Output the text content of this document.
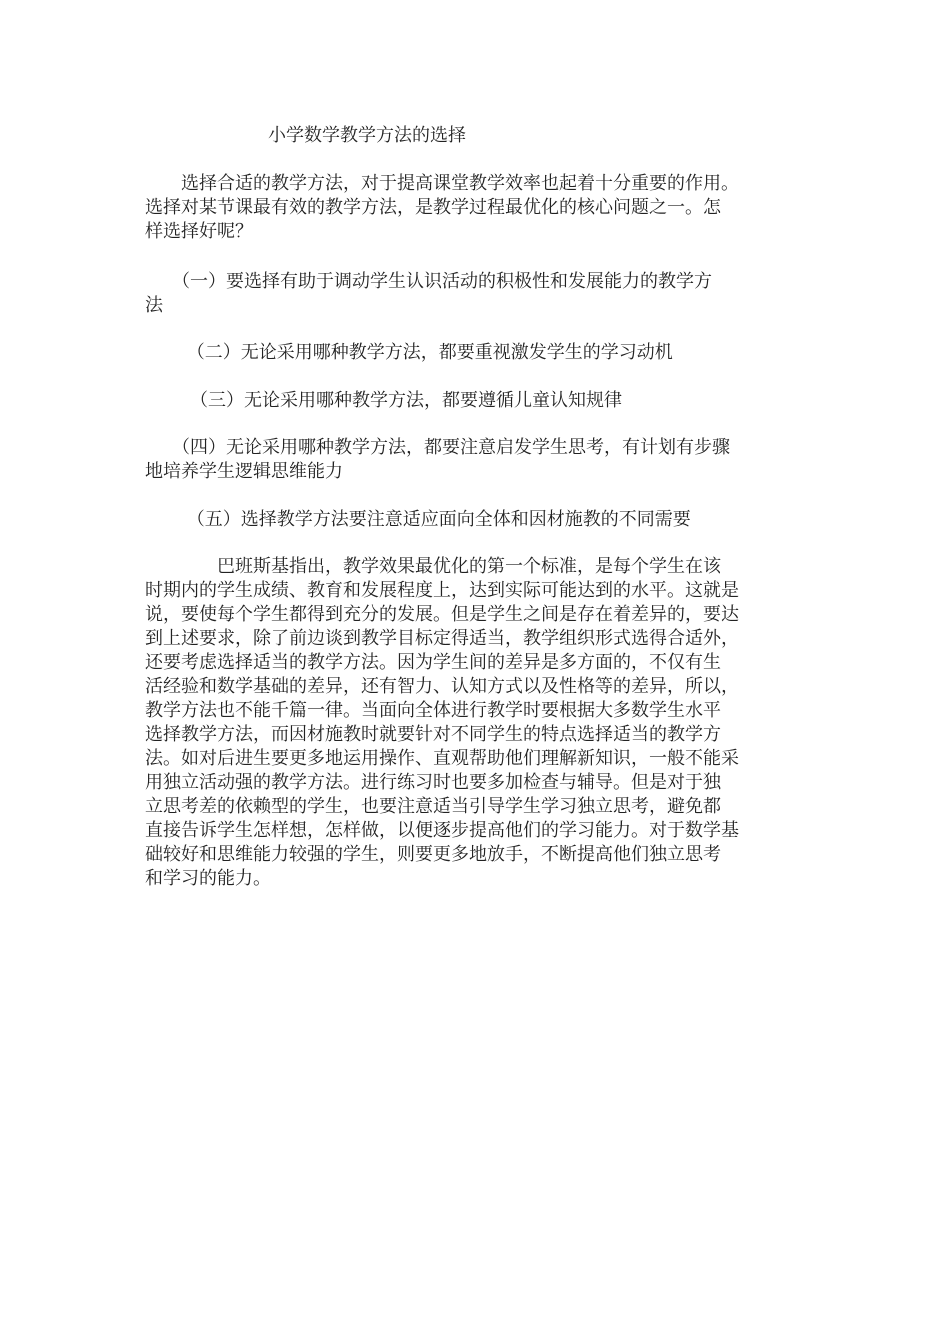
小学数学教学方法的选择

　　选择合适的教学方法，对于提高课堂教学效率也起着十分重要的作用。
选择对某节课最有效的教学方法，是教学过程最优化的核心问题之一。怎
样选择好呢？

　　（一）要选择有助于调动学生认识活动的积极性和发展能力的教学方
法

　　 （二）无论采用哪种教学方法，都要重视激发学生的学习动机

　　　（三）无论采用哪种教学方法，都要遵循儿童认知规律

　　（四）无论采用哪种教学方法，都要注意启发学生思考，有计划有步骤
地培养学生逻辑思维能力

　　 （五）选择教学方法要注意适应面向全体和因材施教的不同需要

　　　　巴班斯基指出，教学效果最优化的第一个标准，是每个学生在该
时期内的学生成绩、教育和发展程度上，达到实际可能达到的水平。这就是
说，要使每个学生都得到充分的发展。但是学生之间是存在着差异的，要达
到上述要求，除了前边谈到教学目标定得适当，教学组织形式选得合适外，
还要考虑选择适当的教学方法。因为学生间的差异是多方面的，不仅有生
活经验和数学基础的差异，还有智力、认知方式以及性格等的差异，所以，
教学方法也不能千篇一律。当面向全体进行教学时要根据大多数学生水平
选择教学方法，而因材施教时就要针对不同学生的特点选择适当的教学方
法。如对后进生要更多地运用操作、直观帮助他们理解新知识，一般不能采
用独立活动强的教学方法。进行练习时也要多加检查与辅导。但是对于独
立思考差的依赖型的学生，也要注意适当引导学生学习独立思考，避免都
直接告诉学生怎样想，怎样做，以便逐步提高他们的学习能力。对于数学基
础较好和思维能力较强的学生，则要更多地放手，不断提高他们独立思考
和学习的能力。
